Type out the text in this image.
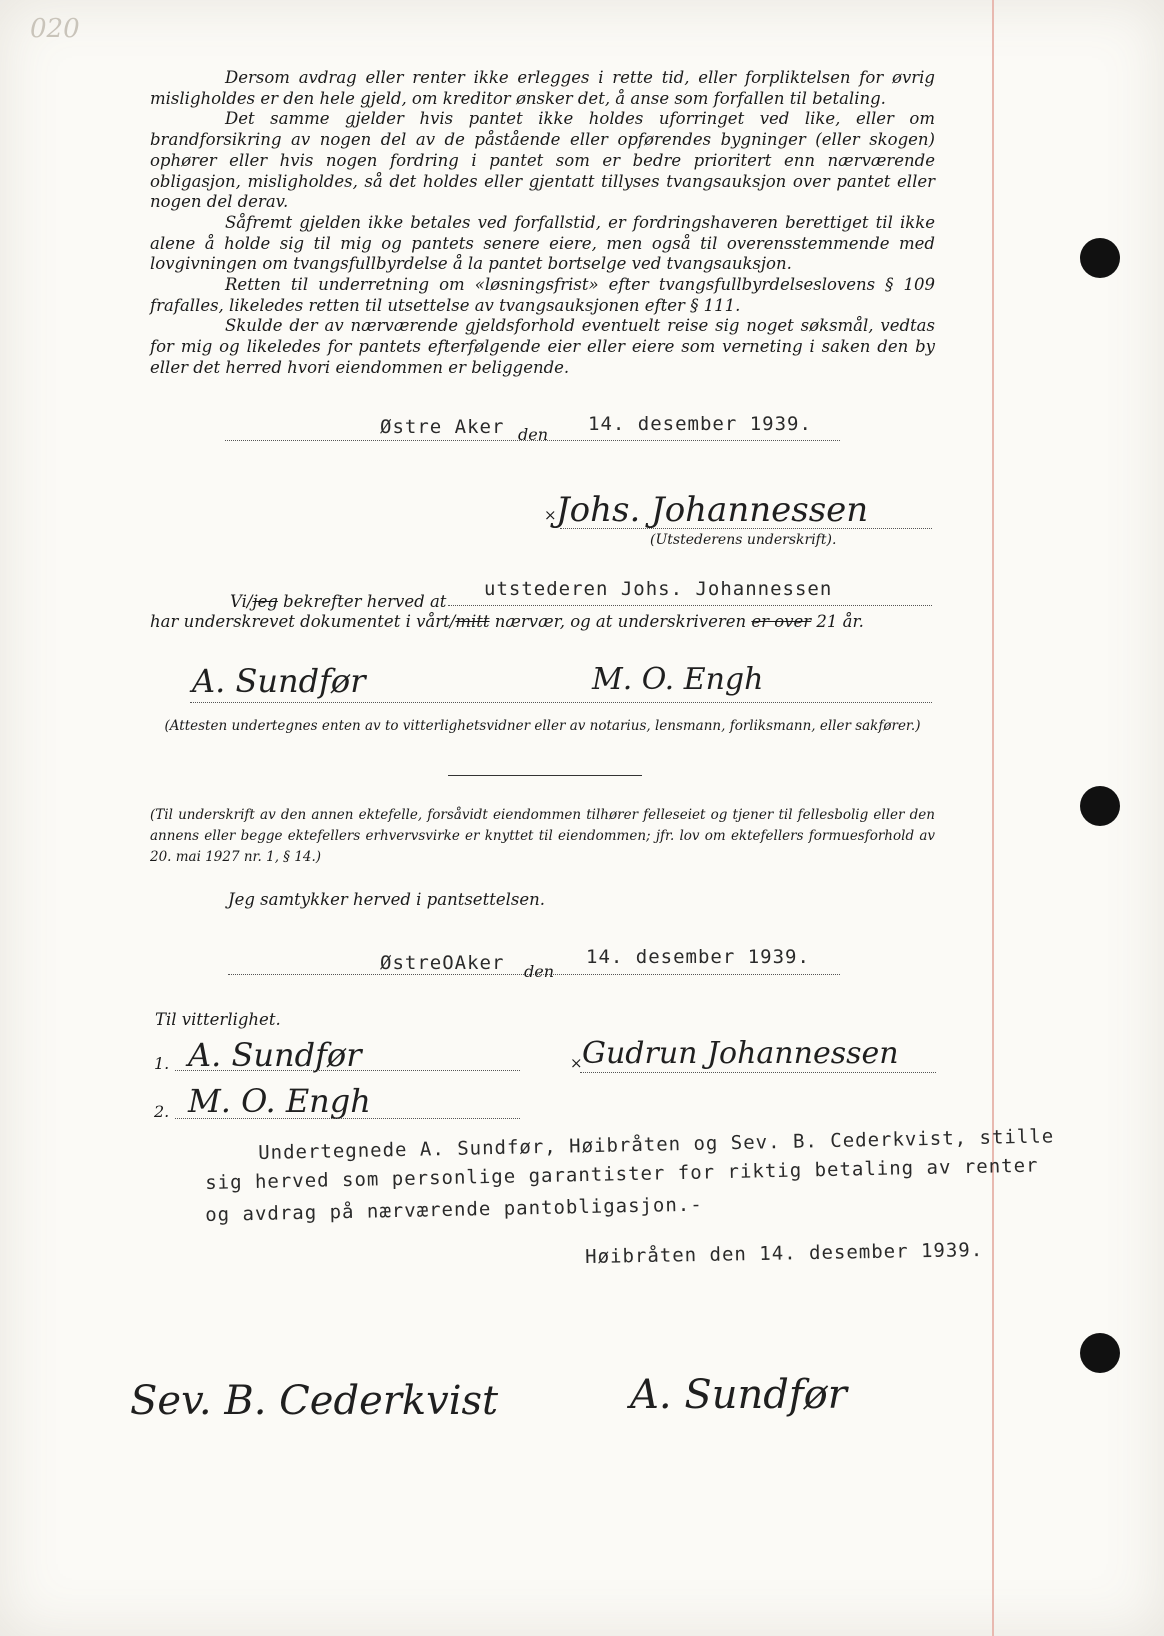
020

Dersom avdrag eller renter ikke erlegges i rette tid, eller forpliktelsen for øvrig misligholdes er den hele gjeld, om kreditor ønsker det, å anse som forfallen til betaling.

Det samme gjelder hvis pantet ikke holdes uforringet ved like, eller om brandforsikring av nogen del av de påstående eller opførendes bygninger (eller skogen) ophører eller hvis nogen fordring i pantet som er bedre prioritert enn nærværende obligasjon, misligholdes, så det holdes eller gjentatt tillyses tvangsauksjon over pantet eller nogen del derav.

Såfremt gjelden ikke betales ved forfallstid, er fordringshaveren berettiget til ikke alene å holde sig til mig og pantets senere eiere, men også til overensstemmende med lovgivningen om tvangsfullbyrdelse å la pantet bortselge ved tvangsauksjon.

Retten til underretning om «løsningsfrist» efter tvangsfullbyrdelseslovens § 109 frafalles, likeledes retten til utsettelse av tvangsauksjonen efter § 111.

Skulde der av nærværende gjeldsforhold eventuelt reise sig noget søksmål, vedtas for mig og likeledes for pantets efterfølgende eier eller eiere som verneting i saken den by eller det herred hvori eiendommen er beliggende.

Østre Aker den 14. desember 1939.
× Johs. Johannessen
(Utstederens underskrift).
Vi/jeg bekrefter herved at
utstederen Johs. Johannessen
har underskrevet dokumentet i vårt/mitt nærvær, og at underskriveren er over 21 år.
A. Sundfør	M. O. Engh
(Attesten undertegnes enten av to vitterlighetsvidner eller av notarius, lensmann, forliksmann, eller sakfører.)
(Til underskrift av den annen ektefelle, forsåvidt eiendommen tilhører felleseiet og tjener til fellesbolig eller den annens eller begge ektefellers erhvervsvirke er knyttet til eiendommen; jfr. lov om ektefellers formuesforhold av 20. mai 1927 nr. 1, § 14.)
Jeg samtykker herved i pantsettelsen.
ØstreOAker den
14. desember 1939.
Til vitterlighet.
1. A. Sundfør
2. M. O. Engh
× Gudrun Johannessen
Undertegnede A. Sundfør, Høibråten og Sev. B. Cederkvist, stille
sig herved som personlige garantister for riktig betaling av renter
og avdrag på nærværende pantobligasjon.-
Høibråten den 14. desember 1939.
Sev. B. Cederkvist	A. Sundfør
